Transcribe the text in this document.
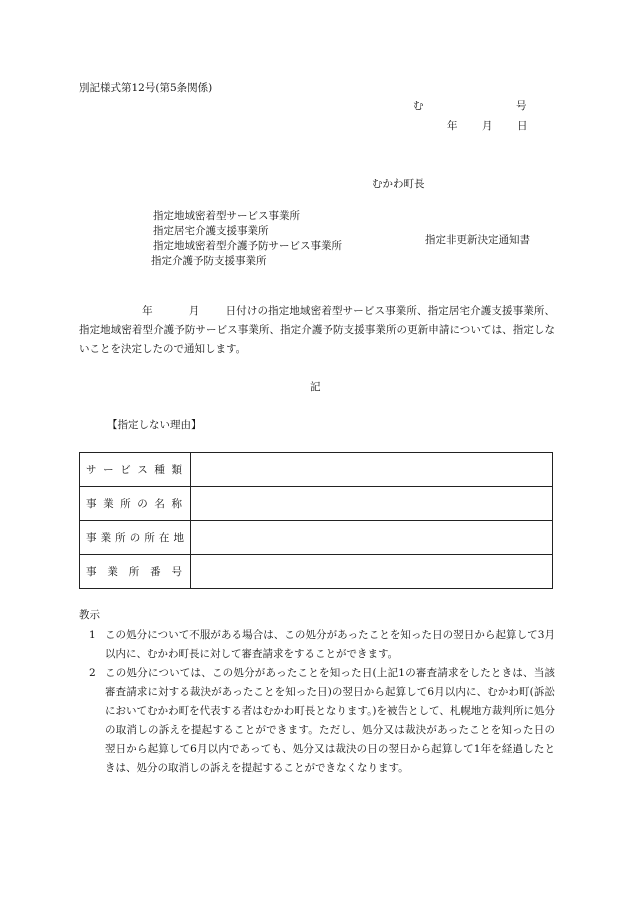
別記様式第12号(第5条関係)
む	号
年 月 日
むかわ町長
指定地域密着型サービス事業所
指定居宅介護支援事業所
指定地域密着型介護予防サービス事業所
指定介護予防支援事業所
指定非更新決定通知書
年	月 日付けの指定地域密着型サービス事業所、指定居宅介護支援事業所、指定地域密着型介護予防サービス事業所、指定介護予防支援事業所の更新申請については、指定しないことを決定したので通知します。
記
【指定しない理由】
サービス種類	
事業所の名称	
事業所の所在地	
事業所番号	
教示
1 この処分について不服がある場合は、この処分があったことを知った日の翌日から起算して3月以内に、むかわ町長に対して審査請求をすることができます。
2 この処分については、この処分があったことを知った日(上記1の審査請求をしたときは、当該審査請求に対する裁決があったことを知った日)の翌日から起算して6月以内に、むかわ町(訴訟においてむかわ町を代表する者はむかわ町長となります。)を被告として、札幌地方裁判所に処分の取消しの訴えを提起することができます。ただし、処分又は裁決があったことを知った日の翌日から起算して6月以内であっても、処分又は裁決の日の翌日から起算して1年を経過したときは、処分の取消しの訴えを提起することができなくなります。
